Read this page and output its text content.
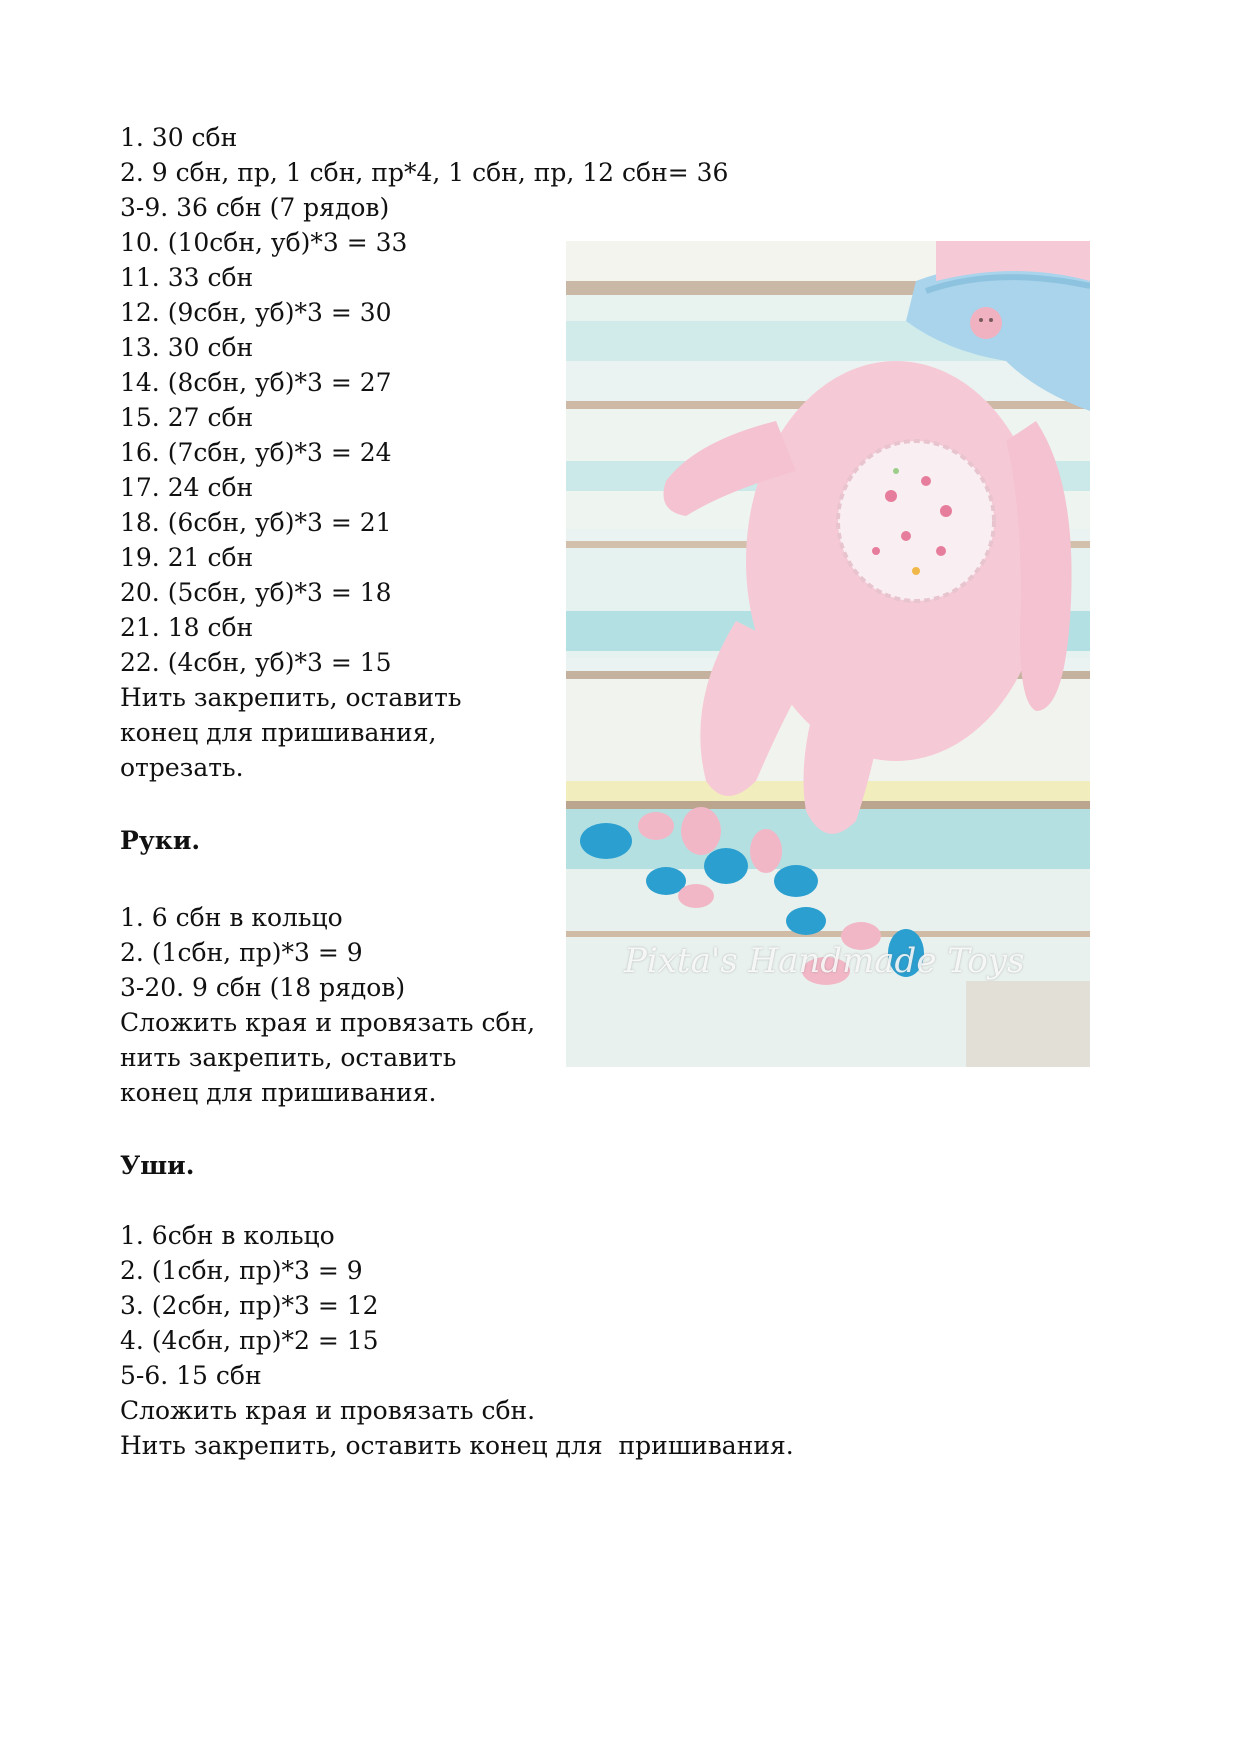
1. 30 сбн
2. 9 сбн, пр, 1 сбн, пр*4, 1 сбн, пр, 12 сбн= 36
3-9. 36 сбн (7 рядов)
10. (10сбн, уб)*3 = 33
11. 33 сбн
12. (9сбн, уб)*3 = 30
13. 30 сбн
14. (8сбн, уб)*3 = 27
15. 27 сбн
16. (7сбн, уб)*3 = 24
17. 24 сбн
18. (6сбн, уб)*3 = 21
19. 21 сбн
20. (5сбн, уб)*3 = 18
21. 18 сбн
22. (4сбн, уб)*3 = 15
Нить закрепить, оставить
конец для пришивания,
отрезать.
Руки.
1. 6 сбн в кольцо
2. (1сбн, пр)*3 = 9
3-20. 9 сбн (18 рядов)
Сложить края и провязать сбн,
нить закрепить, оставить
конец для пришивания.
Уши.
1. 6сбн в кольцо
2. (1сбн, пр)*3 = 9
3. (2сбн, пр)*3 = 12
4. (4сбн, пр)*2 = 15
5-6. 15 сбн
Сложить края и провязать сбн.
Нить закрепить, оставить конец для  пришивания.
Pixta's Handmade Toys
